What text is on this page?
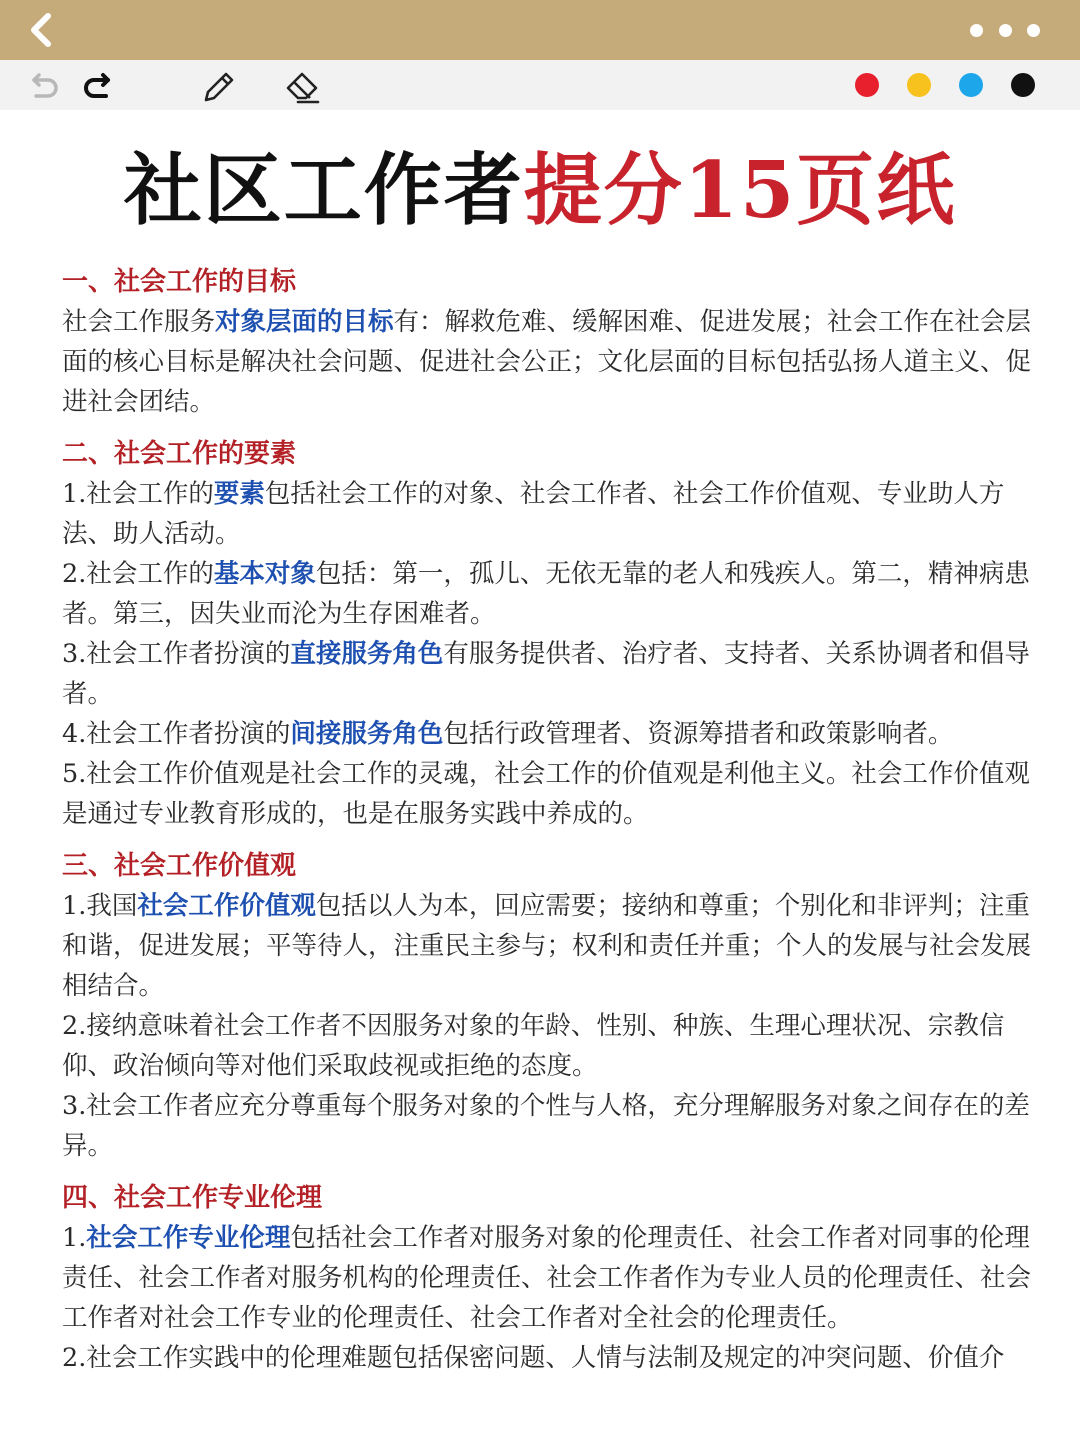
社区工作者提分15页纸
一、社会工作的目标

社会工作服务对象层面的目标有：解救危难、缓解困难、促进发展；社会工作在社会层面的核心目标是解决社会问题、促进社会公正；文化层面的目标包括弘扬人道主义、促进社会团结。

二、社会工作的要素

1.社会工作的要素包括社会工作的对象、社会工作者、社会工作价值观、专业助人方法、助人活动。

2.社会工作的基本对象包括：第一，孤儿、无依无靠的老人和残疾人。第二，精神病患者。第三，因失业而沦为生存困难者。

3.社会工作者扮演的直接服务角色有服务提供者、治疗者、支持者、关系协调者和倡导者。

4.社会工作者扮演的间接服务角色包括行政管理者、资源筹措者和政策影响者。

5.社会工作价值观是社会工作的灵魂，社会工作的价值观是利他主义。社会工作价值观是通过专业教育形成的，也是在服务实践中养成的。

三、社会工作价值观

1.我国社会工作价值观包括以人为本，回应需要；接纳和尊重；个别化和非评判；注重和谐，促进发展；平等待人，注重民主参与；权利和责任并重；个人的发展与社会发展相结合。

2.接纳意味着社会工作者不因服务对象的年龄、性别、种族、生理心理状况、宗教信仰、政治倾向等对他们采取歧视或拒绝的态度。

3.社会工作者应充分尊重每个服务对象的个性与人格，充分理解服务对象之间存在的差异。

四、社会工作专业伦理

1.社会工作专业伦理包括社会工作者对服务对象的伦理责任、社会工作者对同事的伦理责任、社会工作者对服务机构的伦理责任、社会工作者作为专业人员的伦理责任、社会工作者对社会工作专业的伦理责任、社会工作者对全社会的伦理责任。

2.社会工作实践中的伦理难题包括保密问题、人情与法制及规定的冲突问题、价值介
